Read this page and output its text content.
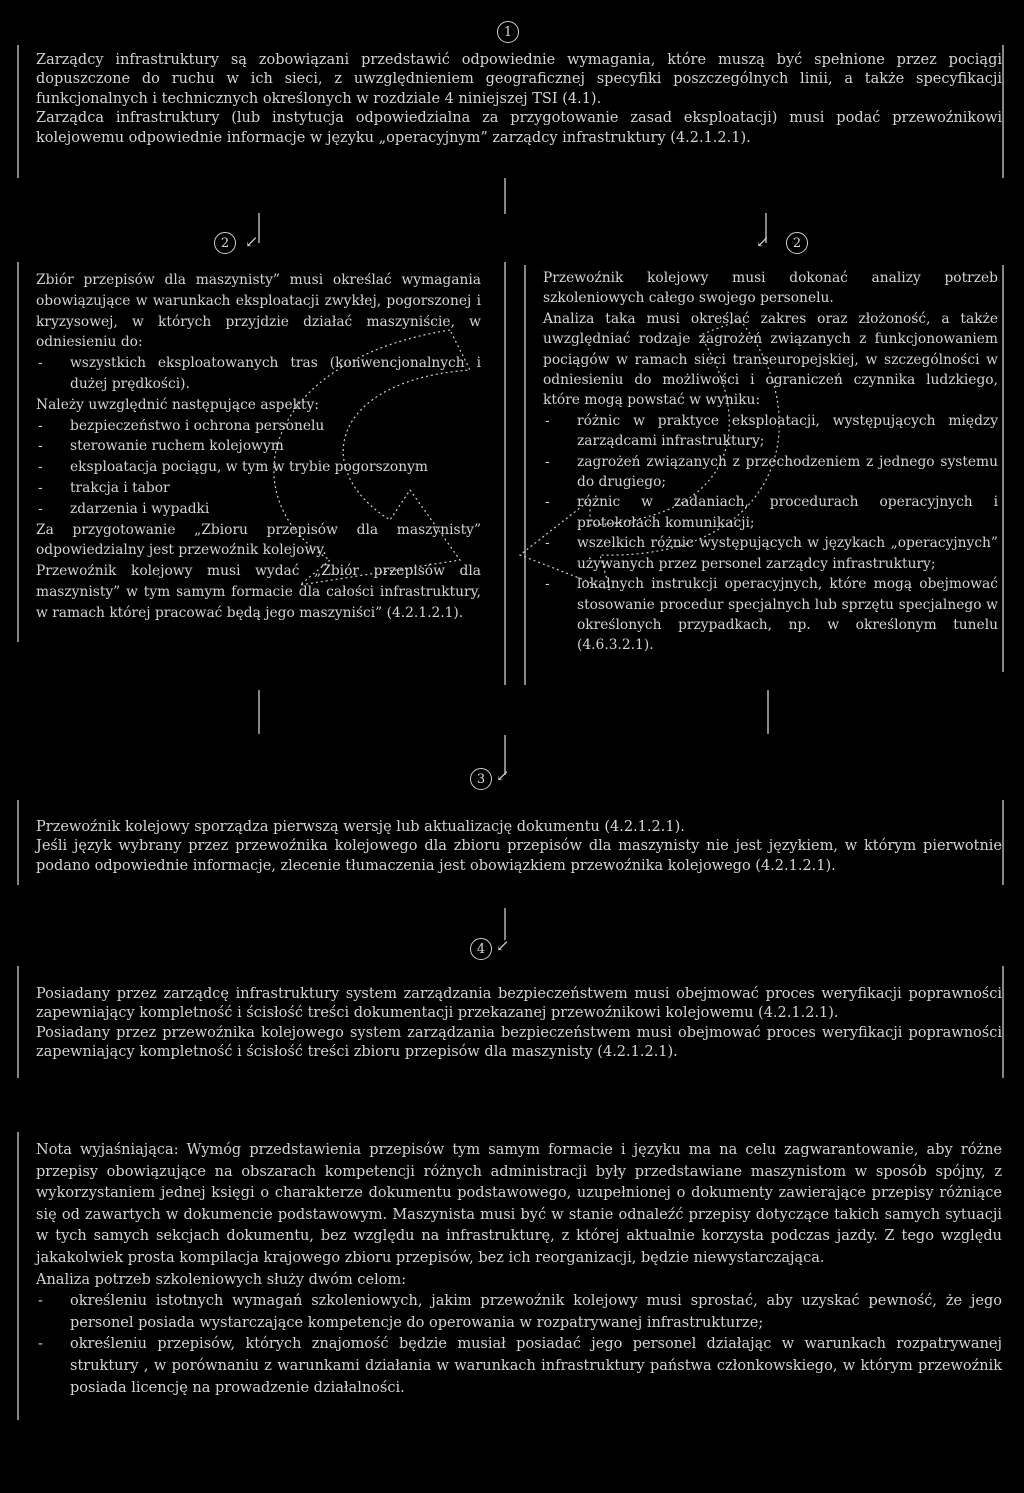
1

Zarządcy infrastruktury są zobowiązani przedstawić odpowiednie wymagania, które muszą być spełnione przez pociągi dopuszczone do ruchu w ich sieci, z uwzględnieniem geograficznej specyfiki poszczególnych linii, a także specyfikacji funkcjonalnych i technicznych określonych w rozdziale 4 niniejszej TSI (4.1).

Zarządca infrastruktury (lub instytucja odpowiedzialna za przygotowanie zasad eksploatacji) musi podać przewoźnikowi kolejowemu odpowiednie informacje w języku „operacyjnym” zarządcy infrastruktury (4.2.1.2.1).

2 ↙

Zbiór przepisów dla maszynisty” musi określać wymagania obowiązujące w warunkach eksploatacji zwykłej, pogorszonej i kryzysowej, w których przyjdzie działać maszyniście, w odniesieniu do:

- wszystkich eksploatowanych tras (konwencjonalnych i dużej prędkości).

Należy uwzględnić następujące aspekty:

- bezpieczeństwo i ochrona personelu
- sterowanie ruchem kolejowym
- eksploatacja pociągu, w tym w trybie pogorszonym
- trakcja i tabor
- zdarzenia i wypadki

Za przygotowanie „Zbioru przepisów dla maszynisty” odpowiedzialny jest przewoźnik kolejowy.

Przewoźnik kolejowy musi wydać „Zbiór przepisów dla maszynisty” w tym samym formacie dla całości infrastruktury, w ramach której pracować będą jego maszyniści” (4.2.1.2.1).

↙	2

Przewoźnik kolejowy musi dokonać analizy potrzeb szkoleniowych całego swojego personelu.

Analiza taka musi określać zakres oraz złożoność, a także uwzględniać rodzaje zagrożeń związanych z funkcjonowaniem pociągów w ramach sieci transeuropejskiej, w szczególności w odniesieniu do możliwości i ograniczeń czynnika ludzkiego, które mogą powstać w wyniku:

- różnic w praktyce eksploatacji, występujących między zarządcami infrastruktury;
- zagrożeń związanych z przechodzeniem z jednego systemu do drugiego;
- różnic w zadaniach, procedurach operacyjnych i protokołach komunikacji;
- wszelkich różnic występujących w językach „operacyjnych” używanych przez personel zarządcy infrastruktury;
- lokalnych instrukcji operacyjnych, które mogą obejmować stosowanie procedur specjalnych lub sprzętu specjalnego w określonych przypadkach, np. w określonym tunelu (4.6.3.2.1).
3 ↙

Przewoźnik kolejowy sporządza pierwszą wersję lub aktualizację dokumentu (4.2.1.2.1).

Jeśli język wybrany przez przewoźnika kolejowego dla zbioru przepisów dla maszynisty nie jest językiem, w którym pierwotnie podano odpowiednie informacje, zlecenie tłumaczenia jest obowiązkiem przewoźnika kolejowego (4.2.1.2.1).

4 ↙

Posiadany przez zarządcę infrastruktury system zarządzania bezpieczeństwem musi obejmować proces weryfikacji poprawności zapewniający kompletność i ścisłość treści dokumentacji przekazanej przewoźnikowi kolejowemu (4.2.1.2.1).

Posiadany przez przewoźnika kolejowego system zarządzania bezpieczeństwem musi obejmować proces weryfikacji poprawności zapewniający kompletność i ścisłość treści zbioru przepisów dla maszynisty (4.2.1.2.1).

Nota wyjaśniająca: Wymóg przedstawienia przepisów tym samym formacie i języku ma na celu zagwarantowanie, aby różne przepisy obowiązujące na obszarach kompetencji różnych administracji były przedstawiane maszynistom w sposób spójny, z wykorzystaniem jednej księgi o charakterze dokumentu podstawowego, uzupełnionej o dokumenty zawierające przepisy różniące się od zawartych w dokumencie podstawowym. Maszynista musi być w stanie odnaleźć przepisy dotyczące takich samych sytuacji w tych samych sekcjach dokumentu, bez względu na infrastrukturę, z której aktualnie korzysta podczas jazdy. Z tego względu jakakolwiek prosta kompilacja krajowego zbioru przepisów, bez ich reorganizacji, będzie niewystarczająca.

Analiza potrzeb szkoleniowych służy dwóm celom:

- określeniu istotnych wymagań szkoleniowych, jakim przewoźnik kolejowy musi sprostać, aby uzyskać pewność, że jego personel posiada wystarczające kompetencje do operowania w rozpatrywanej infrastrukturze;
- określeniu przepisów, których znajomość będzie musiał posiadać jego personel działając w warunkach rozpatrywanej struktury , w porównaniu z warunkami działania w warunkach infrastruktury państwa członkowskiego, w którym przewoźnik posiada licencję na prowadzenie działalności.
